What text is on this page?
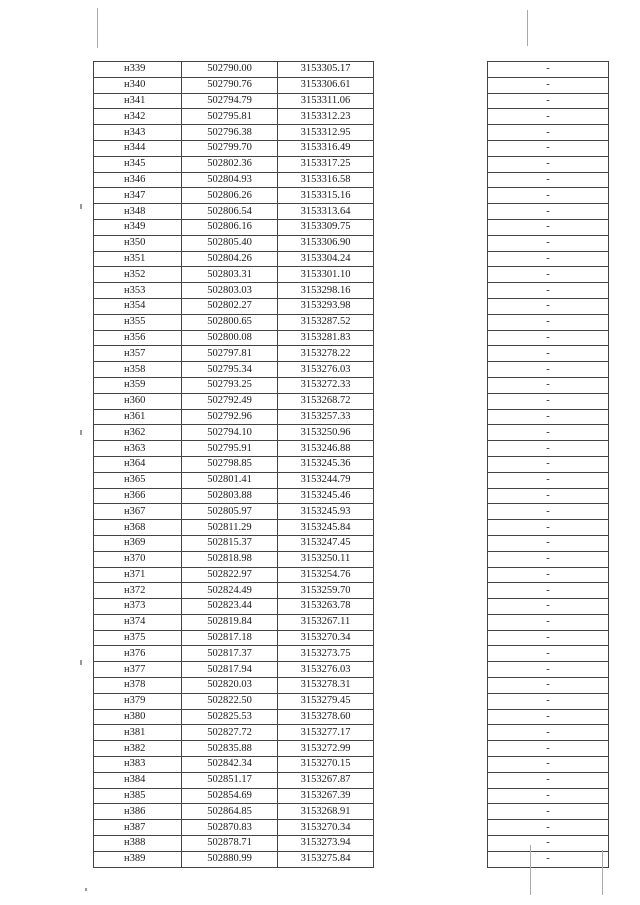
н339	502790.00	3153305.17		-
н340	502790.76	3153306.61		-
н341	502794.79	3153311.06		-
н342	502795.81	3153312.23		-
н343	502796.38	3153312.95		-
н344	502799.70	3153316.49		-
н345	502802.36	3153317.25		-
н346	502804.93	3153316.58		-
н347	502806.26	3153315.16		-
н348	502806.54	3153313.64		-
н349	502806.16	3153309.75		-
н350	502805.40	3153306.90		-
н351	502804.26	3153304.24		-
н352	502803.31	3153301.10		-
н353	502803.03	3153298.16		-
н354	502802.27	3153293.98		-
н355	502800.65	3153287.52		-
н356	502800.08	3153281.83		-
н357	502797.81	3153278.22		-
н358	502795.34	3153276.03		-
н359	502793.25	3153272.33		-
н360	502792.49	3153268.72		-
н361	502792.96	3153257.33		-
н362	502794.10	3153250.96		-
н363	502795.91	3153246.88		-
н364	502798.85	3153245.36		-
н365	502801.41	3153244.79		-
н366	502803.88	3153245.46		-
н367	502805.97	3153245.93		-
н368	502811.29	3153245.84		-
н369	502815.37	3153247.45		-
н370	502818.98	3153250.11		-
н371	502822.97	3153254.76		-
н372	502824.49	3153259.70		-
н373	502823.44	3153263.78		-
н374	502819.84	3153267.11		-
н375	502817.18	3153270.34		-
н376	502817.37	3153273.75		-
н377	502817.94	3153276.03		-
н378	502820.03	3153278.31		-
н379	502822.50	3153279.45		-
н380	502825.53	3153278.60		-
н381	502827.72	3153277.17		-
н382	502835.88	3153272.99		-
н383	502842.34	3153270.15		-
н384	502851.17	3153267.87		-
н385	502854.69	3153267.39		-
н386	502864.85	3153268.91		-
н387	502870.83	3153270.34		-
н388	502878.71	3153273.94		-
н389	502880.99	3153275.84		-
